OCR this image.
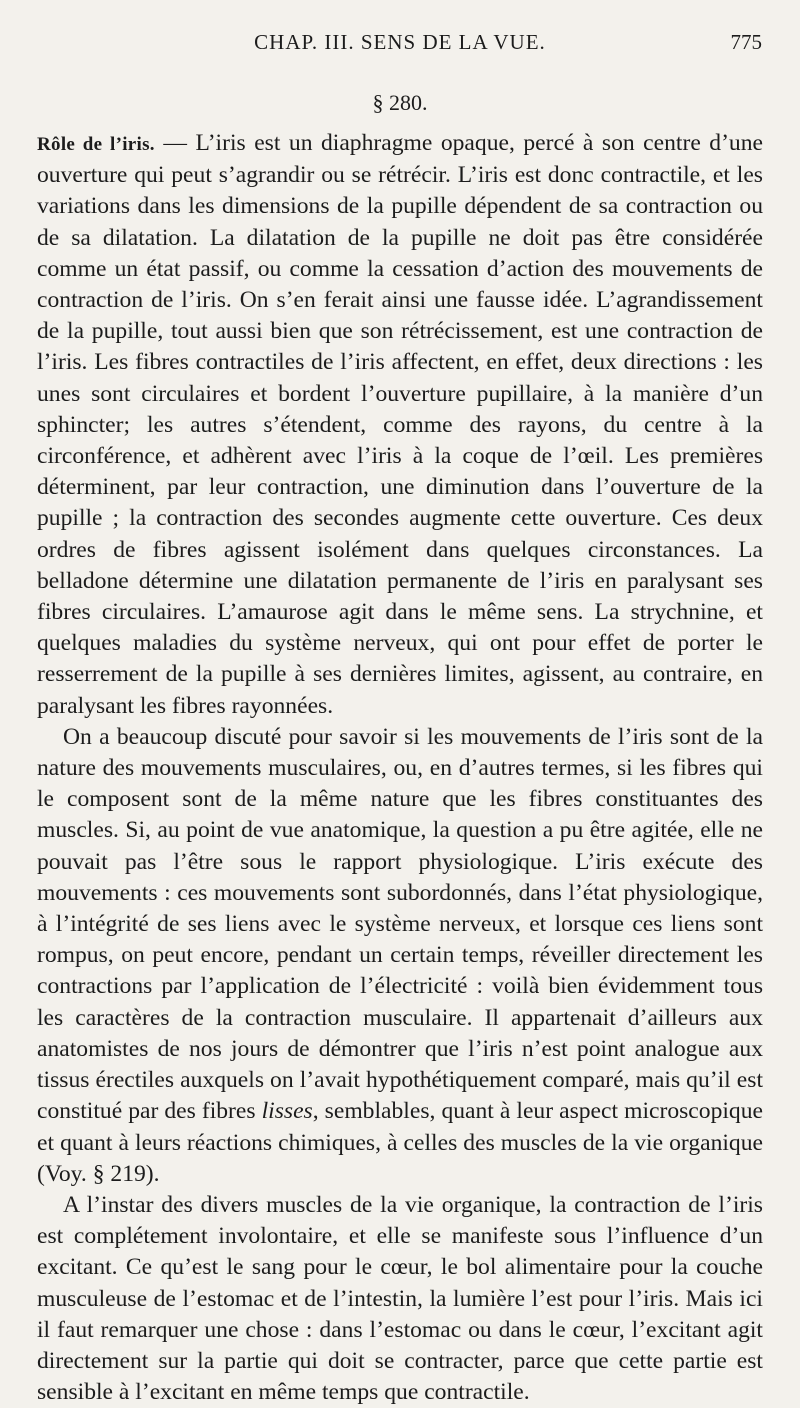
CHAP. III. SENS DE LA VUE.	775
§ 280.

Rôle de l’iris. — L’iris est un diaphragme opaque, percé à son centre d’une ouverture qui peut s’agrandir ou se rétrécir. L’iris est donc contractile, et les variations dans les dimensions de la pupille dépendent de sa contraction ou de sa dilatation. La dilatation de la pupille ne doit pas être considérée comme un état passif, ou comme la cessation d’action des mouvements de contraction de l’iris. On s’en ferait ainsi une fausse idée. L’agrandissement de la pupille, tout aussi bien que son rétrécissement, est une contraction de l’iris. Les fibres contractiles de l’iris affectent, en effet, deux directions : les unes sont circulaires et bordent l’ouverture pupillaire, à la manière d’un sphincter; les autres s’étendent, comme des rayons, du centre à la circonférence, et adhèrent avec l’iris à la coque de l’œil. Les premières déterminent, par leur contraction, une diminution dans l’ouverture de la pupille ; la contraction des secondes augmente cette ouverture. Ces deux ordres de fibres agissent isolément dans quelques circonstances. La belladone détermine une dilatation permanente de l’iris en paralysant ses fibres circulaires. L’amaurose agit dans le même sens. La strychnine, et quelques maladies du système nerveux, qui ont pour effet de porter le resserrement de la pupille à ses dernières limites, agissent, au contraire, en paralysant les fibres rayonnées.

On a beaucoup discuté pour savoir si les mouvements de l’iris sont de la nature des mouvements musculaires, ou, en d’autres termes, si les fibres qui le composent sont de la même nature que les fibres constituantes des muscles. Si, au point de vue anatomique, la question a pu être agitée, elle ne pouvait pas l’être sous le rapport physiologique. L’iris exécute des mouvements : ces mouvements sont subordonnés, dans l’état physiologique, à l’intégrité de ses liens avec le système nerveux, et lorsque ces liens sont rompus, on peut encore, pendant un certain temps, réveiller directement les contractions par l’application de l’électricité : voilà bien évidemment tous les caractères de la contraction musculaire. Il appartenait d’ailleurs aux anatomistes de nos jours de démontrer que l’iris n’est point analogue aux tissus érectiles auxquels on l’avait hypothétiquement comparé, mais qu’il est constitué par des fibres lisses, semblables, quant à leur aspect microscopique et quant à leurs réactions chimiques, à celles des muscles de la vie organique (Voy. § 219).

A l’instar des divers muscles de la vie organique, la contraction de l’iris est complétement involontaire, et elle se manifeste sous l’influence d’un excitant. Ce qu’est le sang pour le cœur, le bol alimentaire pour la couche musculeuse de l’estomac et de l’intestin, la lumière l’est pour l’iris. Mais ici il faut remarquer une chose : dans l’estomac ou dans le cœur, l’excitant agit directement sur la partie qui doit se contracter, parce que cette partie est sensible à l’excitant en même temps que contractile.
